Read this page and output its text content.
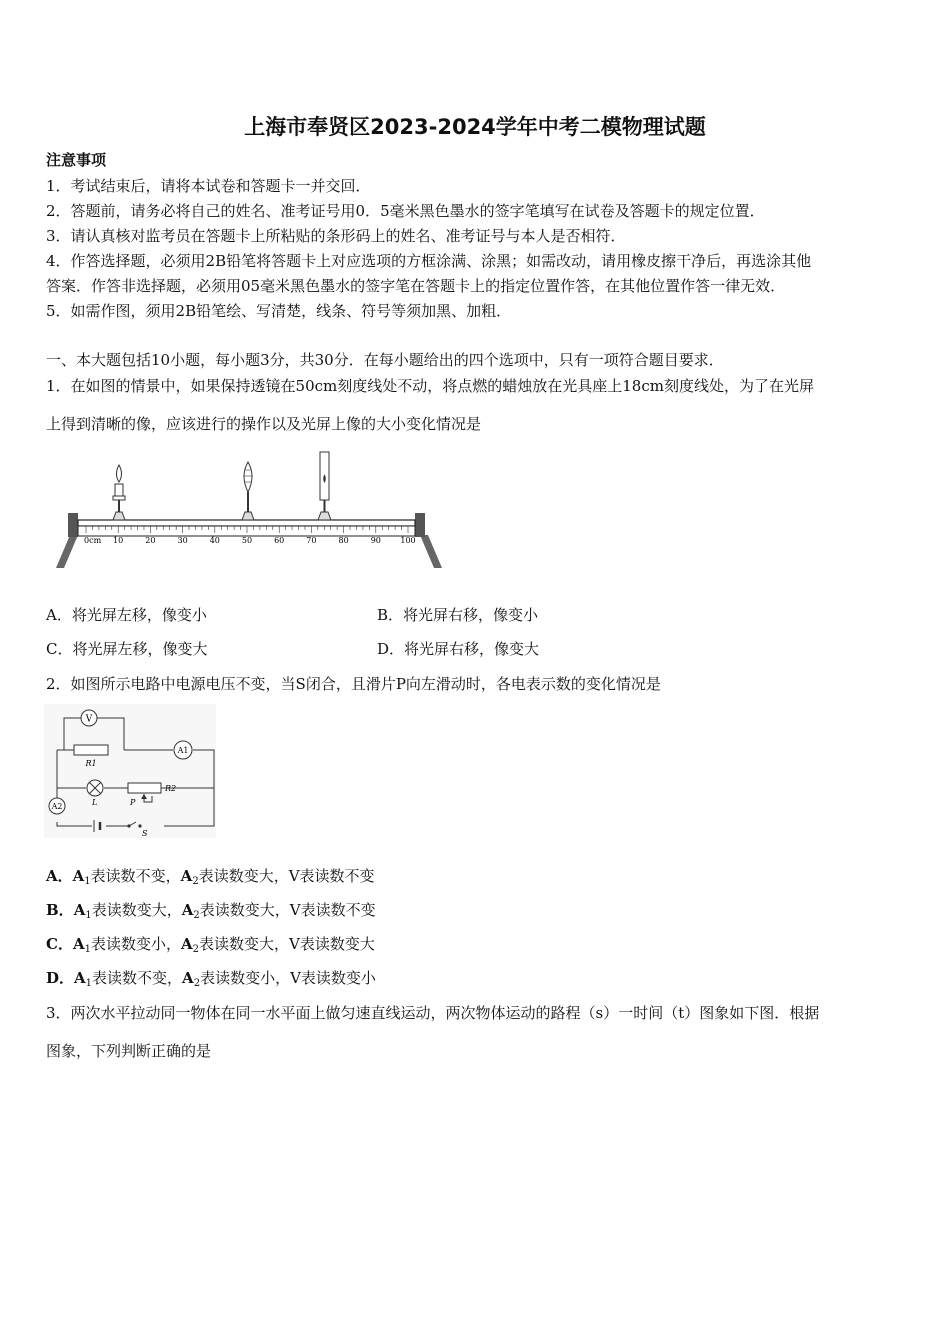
上海市奉贤区2023-2024学年中考二模物理试题
注意事项
1．考试结束后，请将本试卷和答题卡一并交回．
2．答题前，请务必将自己的姓名、准考证号用0．5毫米黑色墨水的签字笔填写在试卷及答题卡的规定位置．
3．请认真核对监考员在答题卡上所粘贴的条形码上的姓名、准考证号与本人是否相符．
4．作答选择题，必须用2B铅笔将答题卡上对应选项的方框涂满、涂黑；如需改动，请用橡皮擦干净后，再选涂其他
答案．作答非选择题，必须用05毫米黑色墨水的签字笔在答题卡上的指定位置作答，在其他位置作答一律无效．
5．如需作图，须用2B铅笔绘、写清楚，线条、符号等须加黑、加粗．
一、本大题包括10小题，每小题3分，共30分．在每小题给出的四个选项中，只有一项符合题目要求．
1．在如图的情景中，如果保持透镜在50cm刻度线处不动，将点燃的蜡烛放在光具座上18cm刻度线处，为了在光屏
上得到清晰的像，应该进行的操作以及光屏上像的大小变化情况是
0cm 10	20	30	40	50	60	70	80	90 100
A．将光屏左移，像变小	B．将光屏右移，像变小
C．将光屏左移，像变大	D．将光屏右移，像变大
2．如图所示电路中电源电压不变，当S闭合，且滑片P向左滑动时，各电表示数的变化情况是
V
R1
A1
L
R2
P
A2
S
A．$A_1$表读数不变，$A_2$表读数变大，V表读数不变
B．$A_1$表读数变大，$A_2$表读数变大，V表读数不变
C．$A_1$表读数变小，$A_2$表读数变大，V表读数变大
D．$A_1$表读数不变，$A_2$表读数变小，V表读数变小
3．两次水平拉动同一物体在同一水平面上做匀速直线运动，两次物体运动的路程（s）一时间（t）图象如下图．根据
图象，下列判断正确的是
